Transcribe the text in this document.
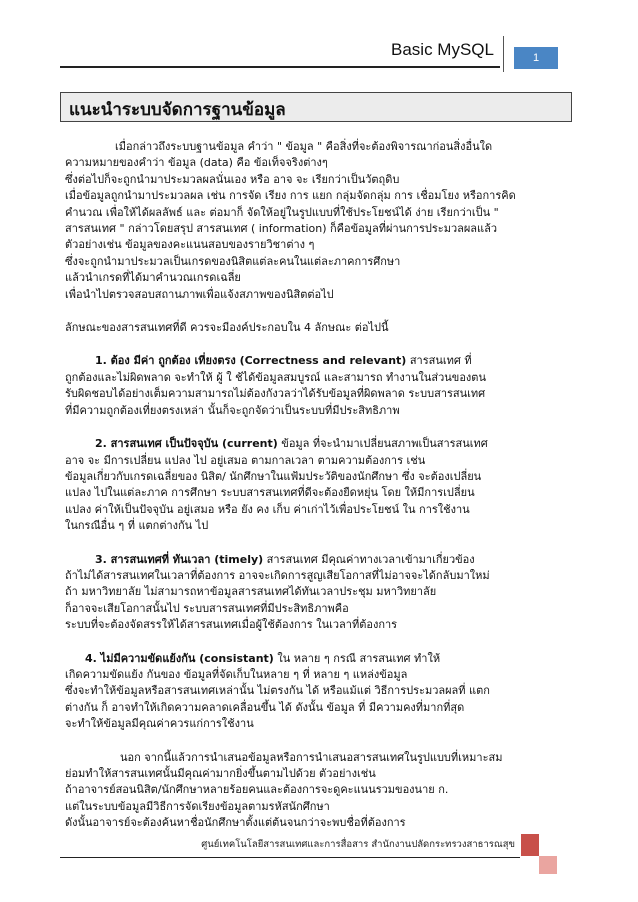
Basic MySQL	1
แนะนำระบบจัดการฐานข้อมูล

เมื่อกล่าวถึงระบบฐานข้อมูล คำว่า " ข้อมูล " คือสิ่งที่จะต้องพิจารณาก่อนสิ่งอื่นใด

ความหมายของคำว่า ข้อมูล (data) คือ ข้อเท็จจริงต่างๆ

ซึ่งต่อไปก็จะถูกนำมาประมวลผลนั่นเอง หรือ อาจ จะ เรียกว่าเป็นวัตถุดิบ

เมื่อข้อมูลถูกนำมาประมวลผล เช่น การจัด เรียง การ แยก กลุ่มจัดกลุ่ม การ เชื่อมโยง หรือการคิด

คำนวณ เพื่อให้ได้ผลลัพธ์ และ ต่อมาก็ จัดให้อยู่ในรูปแบบที่ใช้ประโยชน์ได้ ง่าย เรียกว่าเป็น "

สารสนเทศ " กล่าวโดยสรุป สารสนเทศ ( information) ก็คือข้อมูลที่ผ่านการประมวลผลแล้ว

ตัวอย่างเช่น ข้อมูลของคะแนนสอบของรายวิชาต่าง ๆ

ซึ่งจะถูกนำมาประมวลเป็นเกรดของนิสิตแต่ละคนในแต่ละภาคการศึกษา

แล้วนำเกรดที่ได้มาคำนวณเกรดเฉลี่ย

เพื่อนำไปตรวจสอบสถานภาพเพื่อแจ้งสภาพของนิสิตต่อไป

ลักษณะของสารสนเทศที่ดี ควรจะมีองค์ประกอบใน 4 ลักษณะ ต่อไปนี้

1. ต้อง มีค่า ถูกต้อง เที่ยงตรง (Correctness and relevant) สารสนเทศ ที่

ถูกต้องและไม่ผิดพลาด จะทำให้ ผู้ ใ ช้ได้ข้อมูลสมบูรณ์ และสามารถ ทำงานในส่วนของตน

รับผิดชอบได้อย่างเต็มความสามารถไม่ต้องกังวลว่าได้รับข้อมูลที่ผิดพลาด ระบบสารสนเทศ

ที่มีความถูกต้องเที่ยงตรงเหล่า นั้นก็จะถูกจัดว่าเป็นระบบที่มีประสิทธิภาพ

2. สารสนเทศ เป็นปัจจุบัน (current) ข้อมูล ที่จะนำมาเปลี่ยนสภาพเป็นสารสนเทศ

อาจ จะ มีการเปลี่ยน แปลง ไป อยู่เสมอ ตามกาลเวลา ตามความต้องการ เช่น

ข้อมูลเกี่ยวกับเกรดเฉลี่ยของ นิสิต/ นักศึกษาในแฟ้มประวัติของนักศึกษา ซึ่ง จะต้องเปลี่ยน

แปลง ไปในแต่ละภาค การศึกษา ระบบสารสนเทศที่ดีจะต้องยืดหยุ่น โดย ให้มีการเปลี่ยน

แปลง ค่าให้เป็นปัจจุบัน อยู่เสมอ หรือ ยัง คง เก็บ ค่าเก่าไว้เพื่อประโยชน์ ใน การใช้งาน

ในกรณีอื่น ๆ ที่ แตกต่างกัน ไป

3. สารสนเทศที่ ทันเวลา (timely) สารสนเทศ มีคุณค่าทางเวลาเข้ามาเกี่ยวข้อง

ถ้าไม่ได้สารสนเทศในเวลาที่ต้องการ อาจจะเกิดการสูญเสียโอกาสที่ไม่อาจจะได้กลับมาใหม่

ถ้า มหาวิทยาลัย ไม่สามารถหาข้อมูลสารสนเทศได้ทันเวลาประชุม มหาวิทยาลัย

ก็อาจจะเสียโอกาสนั้นไป ระบบสารสนเทศที่มีประสิทธิภาพคือ

ระบบที่จะต้องจัดสรรให้ได้สารสนเทศเมื่อผู้ใช้ต้องการ ในเวลาที่ต้องการ

4. ไม่มีความขัดแย้งกัน (consistant) ใน หลาย ๆ กรณี สารสนเทศ ทำให้

เกิดความขัดแย้ง กันของ ข้อมูลที่จัดเก็บในหลาย ๆ ที่ หลาย ๆ แหล่งข้อมูล

ซึ่งจะทำให้ข้อมูลหรือสารสนเทศเหล่านั้น ไม่ตรงกัน ได้ หรือแม้แต่ วิธีการประมวลผลที่ แตก

ต่างกัน ก็ อาจทำให้เกิดความคลาดเคลื่อนขึ้น ได้ ดังนั้น ข้อมูล ที่ มีความคงที่มากที่สุด

จะทำให้ข้อมูลมีคุณค่าควรแก่การใช้งาน

นอก จากนี้แล้วการนำเสนอข้อมูลหรือการนำเสนอสารสนเทศในรูปแบบที่เหมาะสม

ย่อมทำให้สารสนเทศนั้นมีคุณค่ามากยิ่งขึ้นตามไปด้วย ตัวอย่างเช่น

ถ้าอาจารย์สอนนิสิต/นักศึกษาหลายร้อยคนและต้องการจะดูคะแนนรวมของนาย ก.

แต่ในระบบข้อมูลมีวิธีการจัดเรียงข้อมูลตามรหัสนักศึกษา

ดังนั้นอาจารย์จะต้องค้นหาชื่อนักศึกษาตั้งแต่ต้นจนกว่าจะพบชื่อที่ต้องการ

ศูนย์เทคโนโลยีสารสนเทศและการสื่อสาร สำนักงานปลัดกระทรวงสาธารณสุข
